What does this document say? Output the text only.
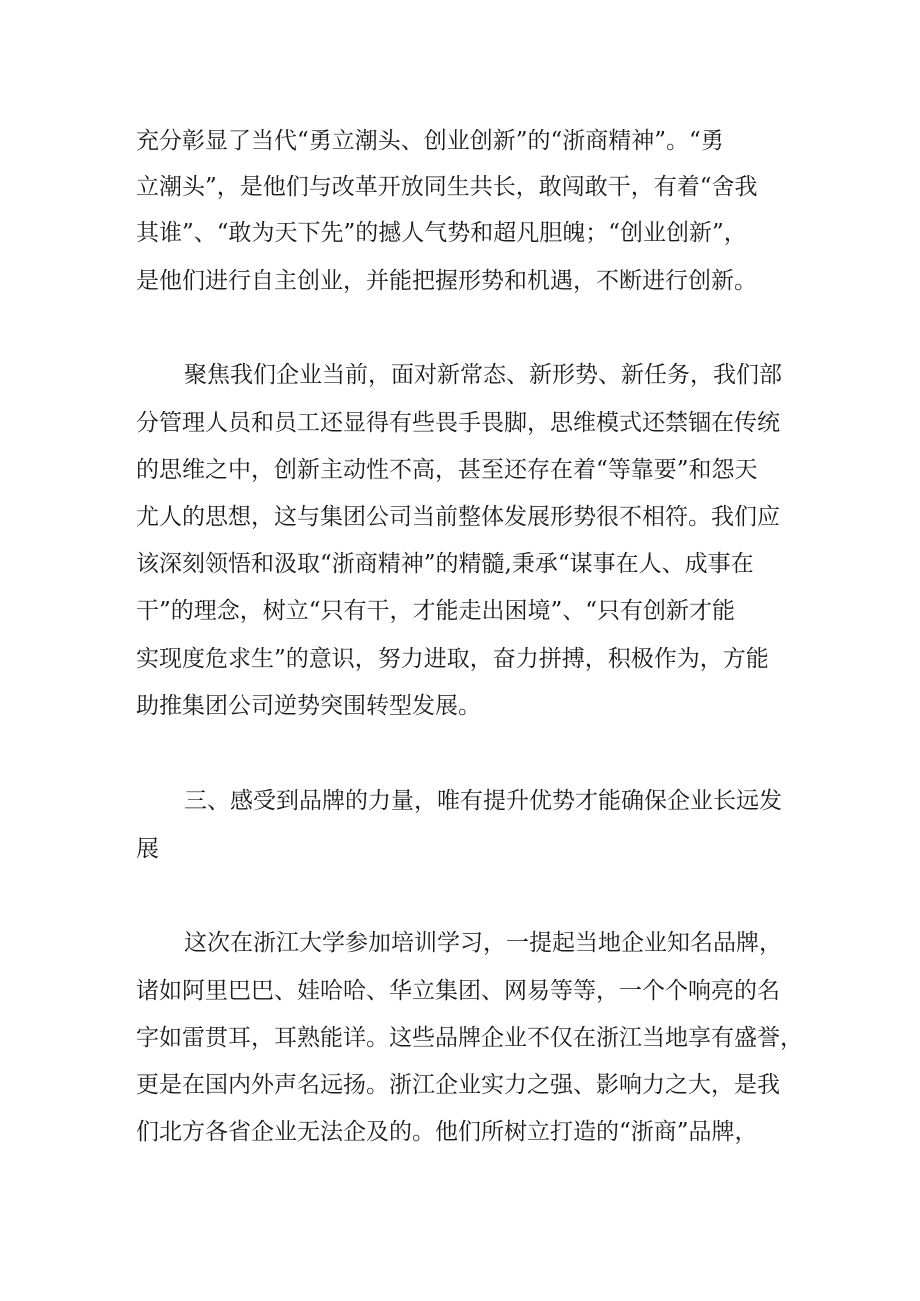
充分彰显了当代“勇立潮头、创业创新”的“浙商精神”。“勇
立潮头”，是他们与改革开放同生共长，敢闯敢干，有着“舍我
其谁”、“敢为天下先”的撼人气势和超凡胆魄；“创业创新”，
是他们进行自主创业，并能把握形势和机遇，不断进行创新。
聚焦我们企业当前，面对新常态、新形势、新任务，我们部
分管理人员和员工还显得有些畏手畏脚，思维模式还禁锢在传统
的思维之中，创新主动性不高，甚至还存在着“等靠要”和怨天
尤人的思想，这与集团公司当前整体发展形势很不相符。我们应
该深刻领悟和汲取“浙商精神”的精髓,秉承“谋事在人、成事在
干”的理念，树立“只有干，才能走出困境”、“只有创新才能
实现度危求生”的意识，努力进取，奋力拼搏，积极作为，方能
助推集团公司逆势突围转型发展。
三、感受到品牌的力量，唯有提升优势才能确保企业长远发
展
这次在浙江大学参加培训学习，一提起当地企业知名品牌，
诸如阿里巴巴、娃哈哈、华立集团、网易等等，一个个响亮的名
字如雷贯耳，耳熟能详。这些品牌企业不仅在浙江当地享有盛誉，
更是在国内外声名远扬。浙江企业实力之强、影响力之大，是我
们北方各省企业无法企及的。他们所树立打造的“浙商”品牌，
